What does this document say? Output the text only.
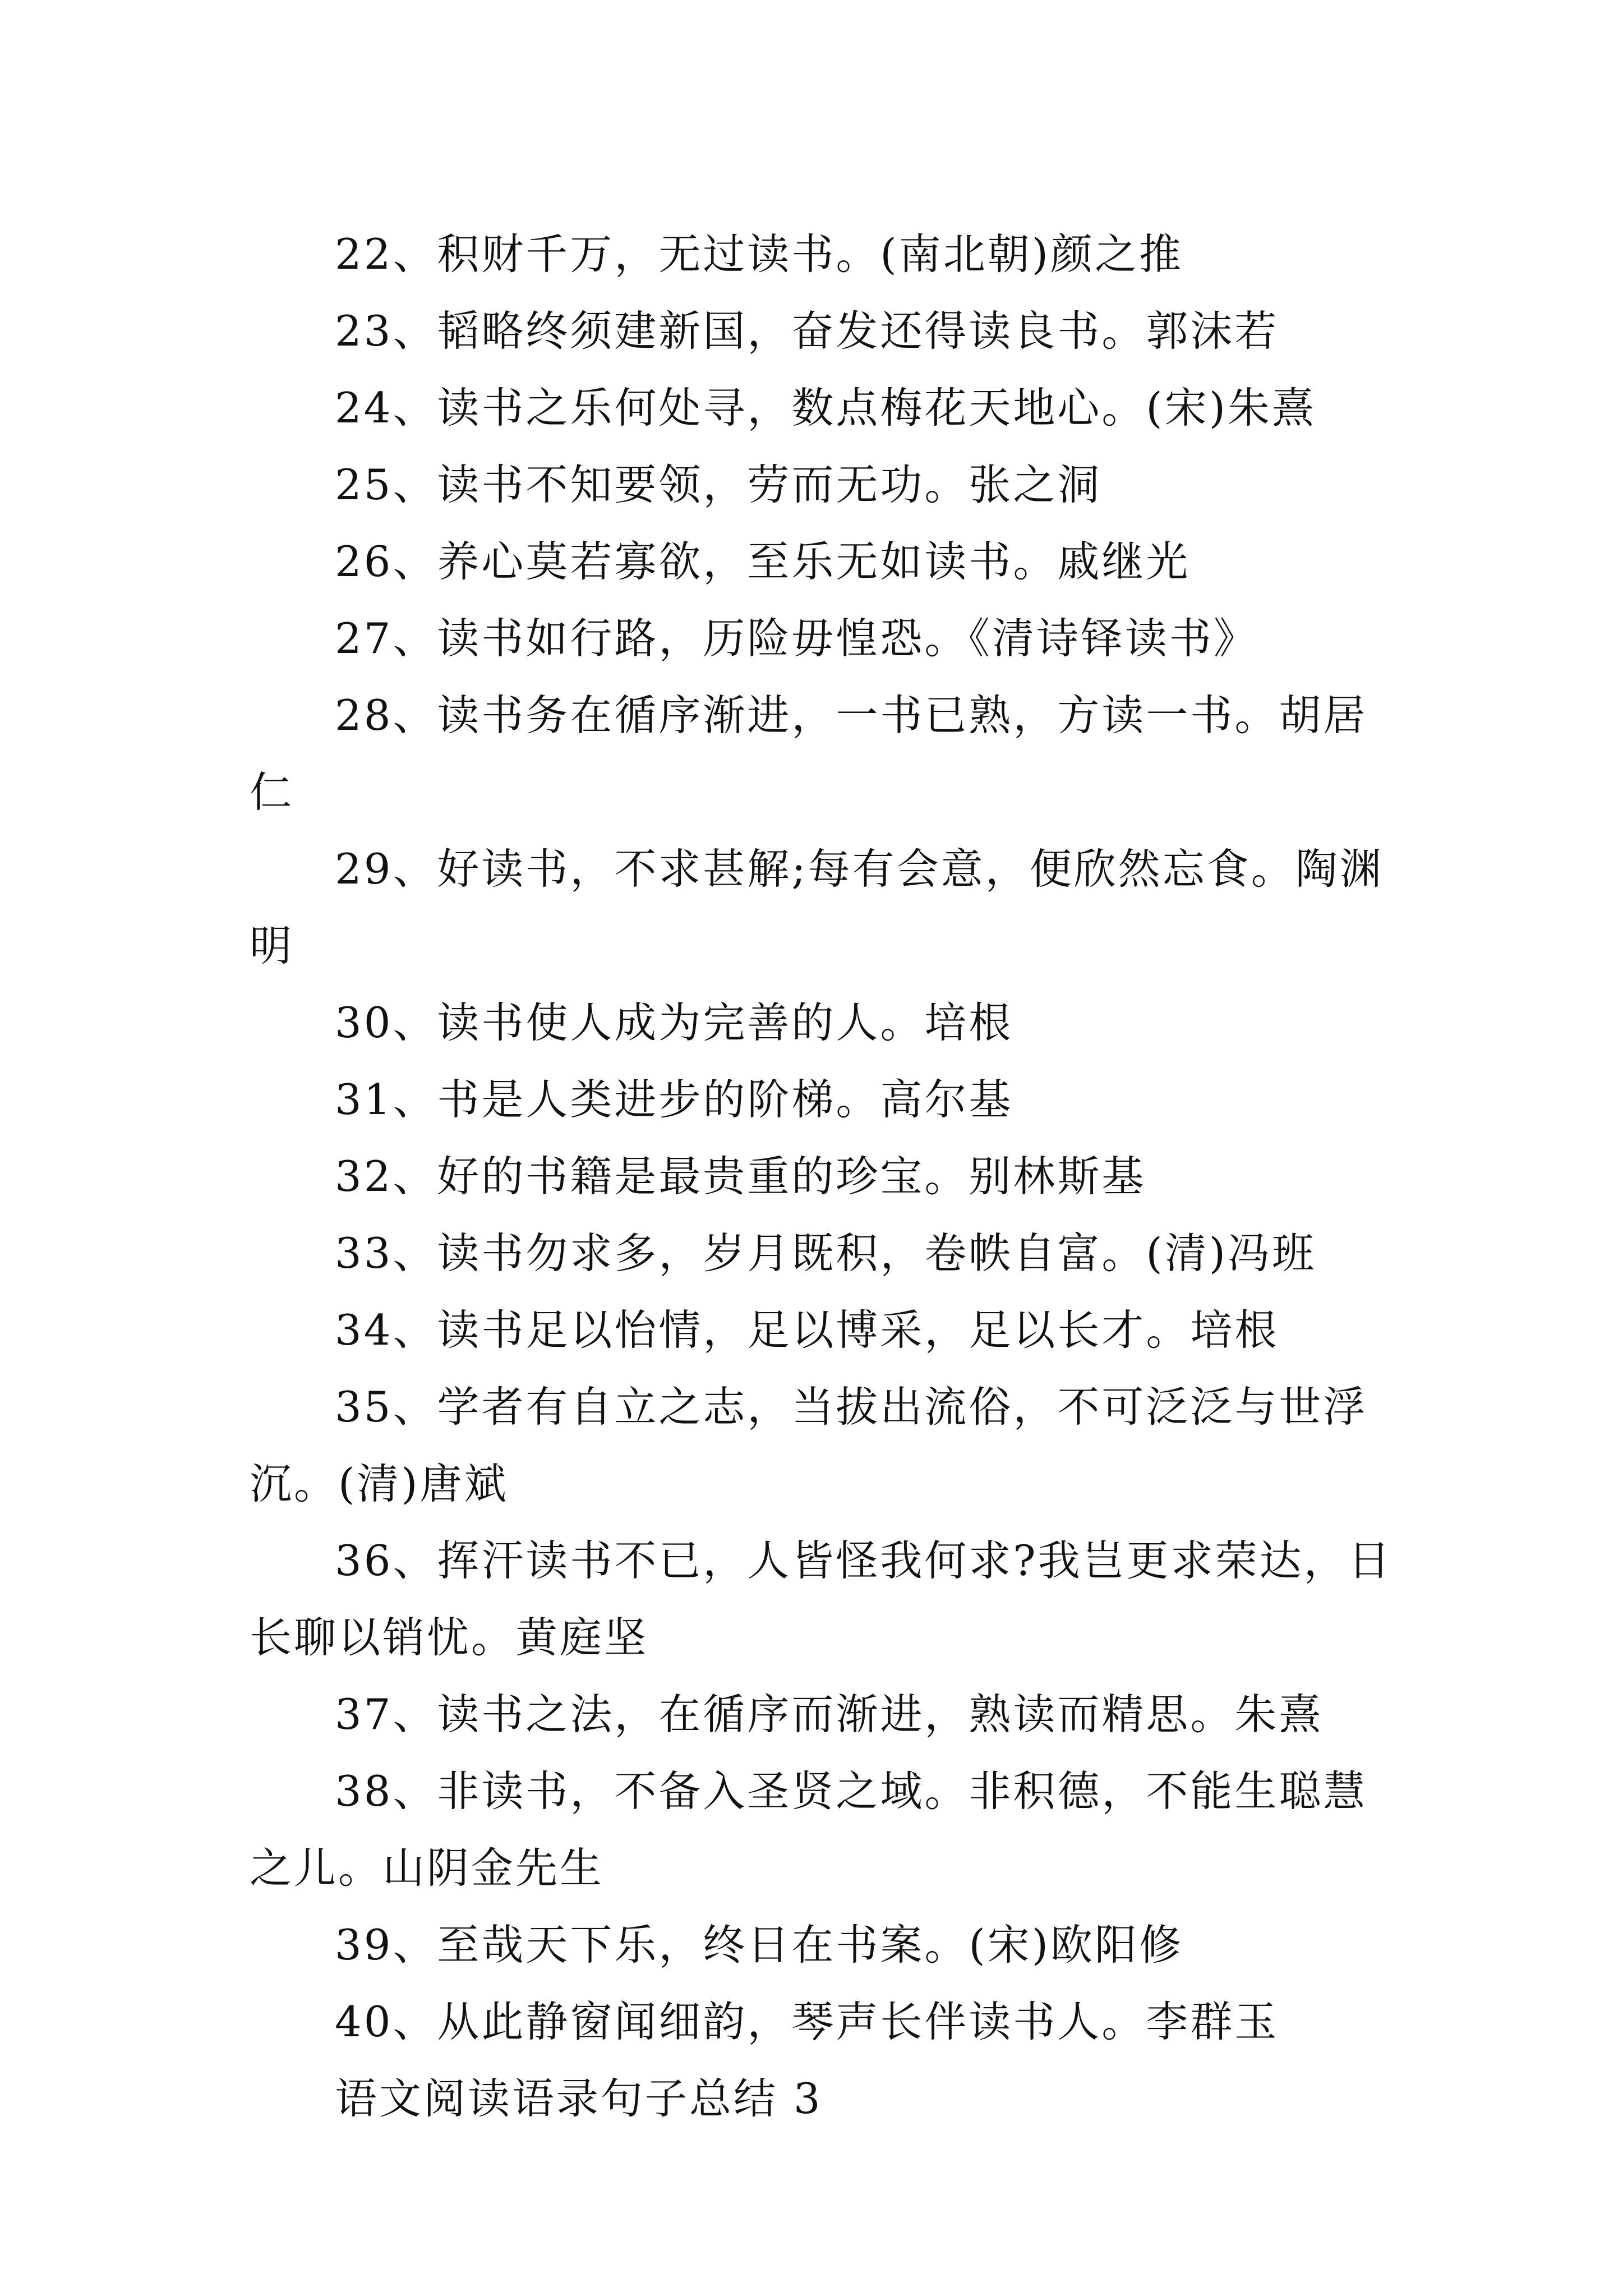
22、积财千万，无过读书。(南北朝)颜之推

23、韬略终须建新国，奋发还得读良书。郭沫若

24、读书之乐何处寻，数点梅花天地心。(宋)朱熹

25、读书不知要领，劳而无功。张之洞

26、养心莫若寡欲，至乐无如读书。戚继光

27、读书如行路，历险毋惶恐。《清诗铎读书》

28、读书务在循序渐进，一书已熟，方读一书。胡居仁

29、好读书，不求甚解;每有会意，便欣然忘食。陶渊明

30、读书使人成为完善的人。培根

31、书是人类进步的阶梯。高尔基

32、好的书籍是最贵重的珍宝。别林斯基

33、读书勿求多，岁月既积，卷帙自富。(清)冯班

34、读书足以怡情，足以博采，足以长才。培根

35、学者有自立之志，当拔出流俗，不可泛泛与世浮沉。(清)唐斌

36、挥汗读书不已，人皆怪我何求?我岂更求荣达，日长聊以销忧。黄庭坚

37、读书之法，在循序而渐进，熟读而精思。朱熹

38、非读书，不备入圣贤之域。非积德，不能生聪慧之儿。山阴金先生

39、至哉天下乐，终日在书案。(宋)欧阳修

40、从此静窗闻细韵，琴声长伴读书人。李群玉

语文阅读语录句子总结 3
